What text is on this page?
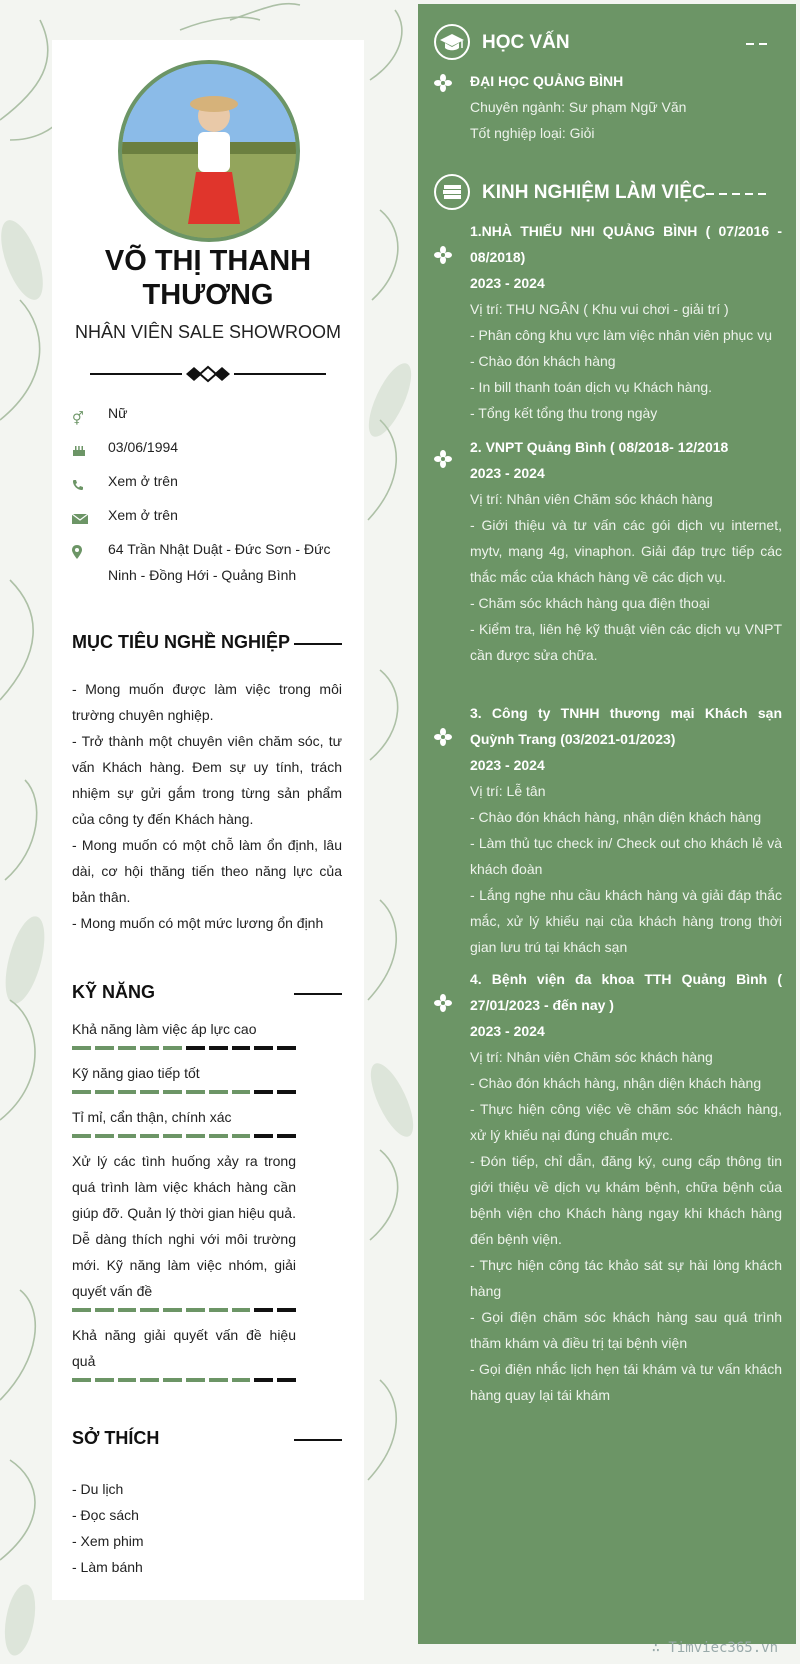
VÕ THỊ THANH THƯƠNG
NHÂN VIÊN SALE SHOWROOM
⚥	Nữ
03/06/1994
Xem ở trên
Xem ở trên
64 Trần Nhật Duật - Đức Sơn - Đức Ninh - Đồng Hới - Quảng Bình
MỤC TIÊU NGHỀ NGHIỆP
- Mong muốn được làm việc trong môi trường chuyên nghiệp.
- Trở thành một chuyên viên chăm sóc, tư vấn Khách hàng. Đem sự uy tính, trách nhiệm sự gửi gắm trong từng sản phẩm của công ty đến Khách hàng.
- Mong muốn có một chỗ làm ổn định, lâu dài, cơ hội thăng tiến theo năng lực của bản thân.
- Mong muốn có một mức lương ổn định
KỸ NĂNG
Khả năng làm việc áp lực cao
Kỹ năng giao tiếp tốt
Tỉ mỉ, cẩn thận, chính xác
Xử lý các tình huống xảy ra trong quá trình làm việc khách hàng cần giúp đỡ. Quản lý thời gian hiệu quả. Dễ dàng thích nghi với môi trường mới. Kỹ năng làm việc nhóm, giải quyết vấn đề
Khả năng giải quyết vấn đề hiệu quả
SỞ THÍCH
- Du lịch
- Đọc sách
- Xem phim
- Làm bánh
HỌC VẤN
ĐẠI HỌC QUẢNG BÌNH
Chuyên ngành: Sư phạm Ngữ Văn
Tốt nghiệp loại: Giỏi
KINH NGHIỆM LÀM VIỆC
1.NHÀ THIẾU NHI QUẢNG BÌNH ( 07/2016 - 08/2018)
2023 - 2024
Vị trí: THU NGÂN ( Khu vui chơi - giải trí )
- Phân công khu vực làm việc nhân viên phục vụ
- Chào đón khách hàng
- In bill thanh toán dịch vụ Khách hàng.
- Tổng kết tổng thu trong ngày
2. VNPT Quảng Bình ( 08/2018- 12/2018
2023 - 2024
Vị trí: Nhân viên Chăm sóc khách hàng
- Giới thiệu và tư vấn các gói dịch vụ internet, mytv, mạng 4g, vinaphon. Giải đáp trực tiếp các thắc mắc của khách hàng về các dịch vụ.
- Chăm sóc khách hàng qua điện thoại
- Kiểm tra, liên hệ kỹ thuật viên các dịch vụ VNPT cần được sửa chữa.
3. Công ty TNHH thương mại Khách sạn Quỳnh Trang (03/2021-01/2023)
2023 - 2024
Vị trí: Lễ tân
- Chào đón khách hàng, nhận diện khách hàng
- Làm thủ tục check in/ Check out cho khách lẻ và khách đoàn
- Lắng nghe nhu cầu khách hàng và giải đáp thắc mắc, xử lý khiếu nại của khách hàng trong thời gian lưu trú tại khách sạn
4. Bệnh viện đa khoa TTH Quảng Bình ( 27/01/2023 - đến nay )
2023 - 2024
Vị trí: Nhân viên Chăm sóc khách hàng
- Chào đón khách hàng, nhận diện khách hàng
- Thực hiện công việc về chăm sóc khách hàng, xử lý khiếu nại đúng chuẩn mực.
- Đón tiếp, chỉ dẫn, đăng ký, cung cấp thông tin giới thiệu về dịch vụ khám bệnh, chữa bệnh của bệnh viện cho Khách hàng ngay khi khách hàng đến bệnh viện.
- Thực hiện công tác khảo sát sự hài lòng khách hàng
- Gọi điện chăm sóc khách hàng sau quá trình thăm khám và điều trị tại bệnh viện
- Gọi điện nhắc lịch hẹn tái khám và tư vấn khách hàng quay lại tái khám
∴ Timviec365.vn
